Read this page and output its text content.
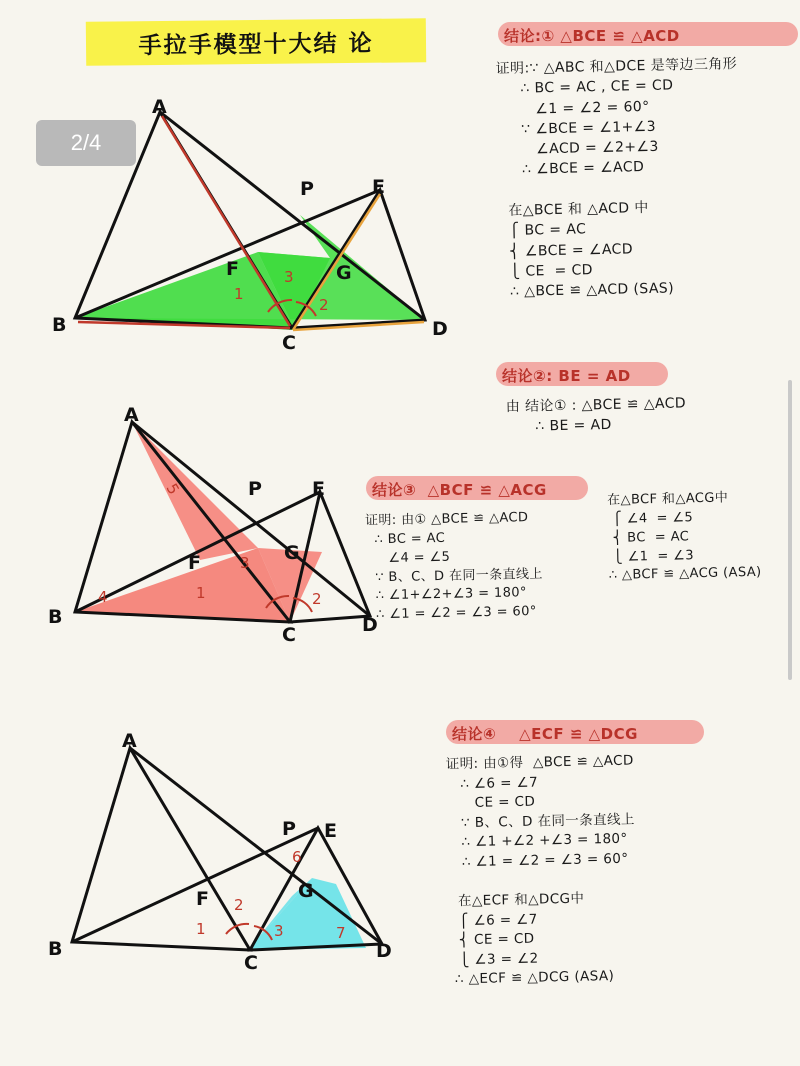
手拉手模型十大结 论
2/4
A
P	E
F	G
B
C
D
1
3
2
A
P	E
F	G
B
C	D
5
4
3
1	2
A
P E
F	G
B
C
D
6
7
2
1	3
结论:① △BCE ≌ △ACD
证明:∵ △ABC 和△DCE 是等边三角形
∴ BC = AC , CE = CD
∠1 = ∠2 = 60°
∵ ∠BCE = ∠1+∠3
∠ACD = ∠2+∠3
∴ ∠BCE = ∠ACD

在△BCE 和 △ACD 中
⎧ BC = AC
⎨ ∠BCE = ∠ACD
⎩ CE  = CD
∴ △BCE ≌ △ACD (SAS)
结论②: BE = AD
由 结论① : △BCE ≌ △ACD
∴ BE = AD
结论③  △BCF ≌ △ACG
证明: 由① △BCE ≌ △ACD
∴ BC = AC
∠4 = ∠5
∵ B、C、D 在同一条直线上
∴ ∠1+∠2+∠3 = 180°
∴ ∠1 = ∠2 = ∠3 = 60°
在△BCF 和△ACG中
⎧ ∠4  = ∠5
⎨ BC  = AC
⎩ ∠1  = ∠3
∴ △BCF ≌ △ACG (ASA)
结论④    △ECF ≌ △DCG
证明: 由①得  △BCE ≌ △ACD
∴ ∠6 = ∠7
CE = CD
∵ B、C、D 在同一条直线上
∴ ∠1 +∠2 +∠3 = 180°
∴ ∠1 = ∠2 = ∠3 = 60°

在△ECF 和△DCG中
⎧ ∠6 = ∠7
⎨ CE = CD
⎩ ∠3 = ∠2
∴ △ECF ≌ △DCG (ASA)
